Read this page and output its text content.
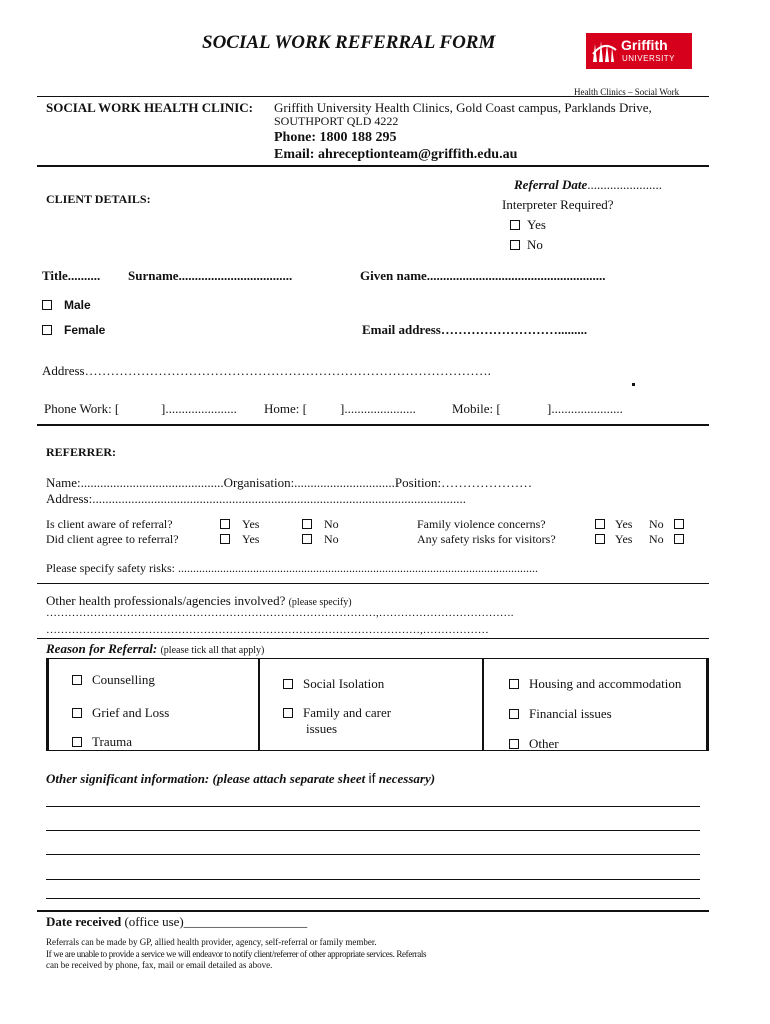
SOCIAL WORK REFERRAL FORM	Griffith
UNIVERSITY
Health Clinics – Social Work
SOCIAL WORK HEALTH CLINIC: Griffith University Health Clinics, Gold Coast campus, Parklands Drive,
SOUTHPORT QLD 4222
Phone: 1800 188 295
Email: ahreceptionteam@griffith.edu.au
Referral Date.......................
CLIENT DETAILS:	Interpreter Required?
Yes
No
Title.......... Surname...................................	Given name.......................................................
Male
Female	Email address……………………….........
Address………………………………………………………………………………….
Phone Work: [	]...................... Home: [	]......................	Mobile: [	]......................
REFERRER:
Name:............................................Organisation:...............................Position:…………………
Address:...................................................................................................................
Is client aware of referral?	Yes	No	Family violence concerns?	Yes No
Did client agree to referral?	Yes	No	Any safety risks for visitors?	Yes No
Please specify safety risks: ........................................................................................................................
Other health professionals/agencies involved? (please specify)
………………………………………………………………………………,……………………………….
…………………………………………………………………………………………,………………
Reason for Referral: (please tick all that apply)
Counselling
Grief and Loss
Trauma
Social Isolation
Family and carer
issues
Housing and accommodation
Financial issues
Other
Other significant information: (please attach separate sheet if necessary)
Date received (office use)___________________
Referrals can be made by GP, allied health provider, agency, self-referral or family member.
If we are unable to provide a service we will endeavor to notify client/referrer of other appropriate services. Referrals
can be received by phone, fax, mail or email detailed as above.
